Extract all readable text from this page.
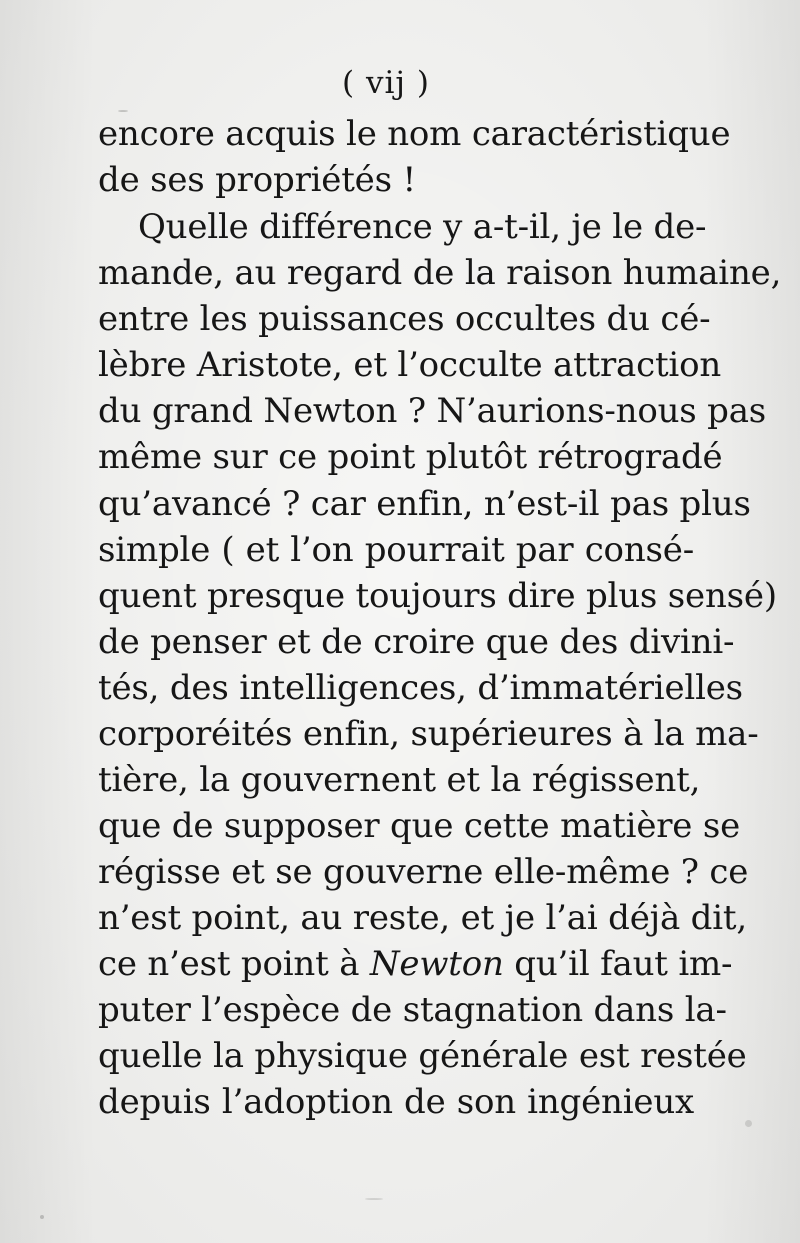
( vij )
encore acquis le nom caractéristique
de ses propriétés !
Quelle différence y a-t-il, je le de-
mande, au regard de la raison humaine,
entre les puissances occultes du cé-
lèbre Aristote, et l’occulte attraction
du grand Newton ? N’aurions-nous pas
même sur ce point plutôt rétrogradé
qu’avancé ? car enfin, n’est-il pas plus
simple ( et l’on pourrait par consé-
quent presque toujours dire plus sensé)
de penser et de croire que des divini-
tés, des intelligences, d’immatérielles
corporéités enfin, supérieures à la ma-
tière, la gouvernent et la régissent,
que de supposer que cette matière se
régisse et se gouverne elle-même ? ce
n’est point, au reste, et je l’ai déjà dit,
ce n’est point à Newton qu’il faut im-
puter l’espèce de stagnation dans la-
quelle la physique générale est restée
depuis l’adoption de son ingénieux
